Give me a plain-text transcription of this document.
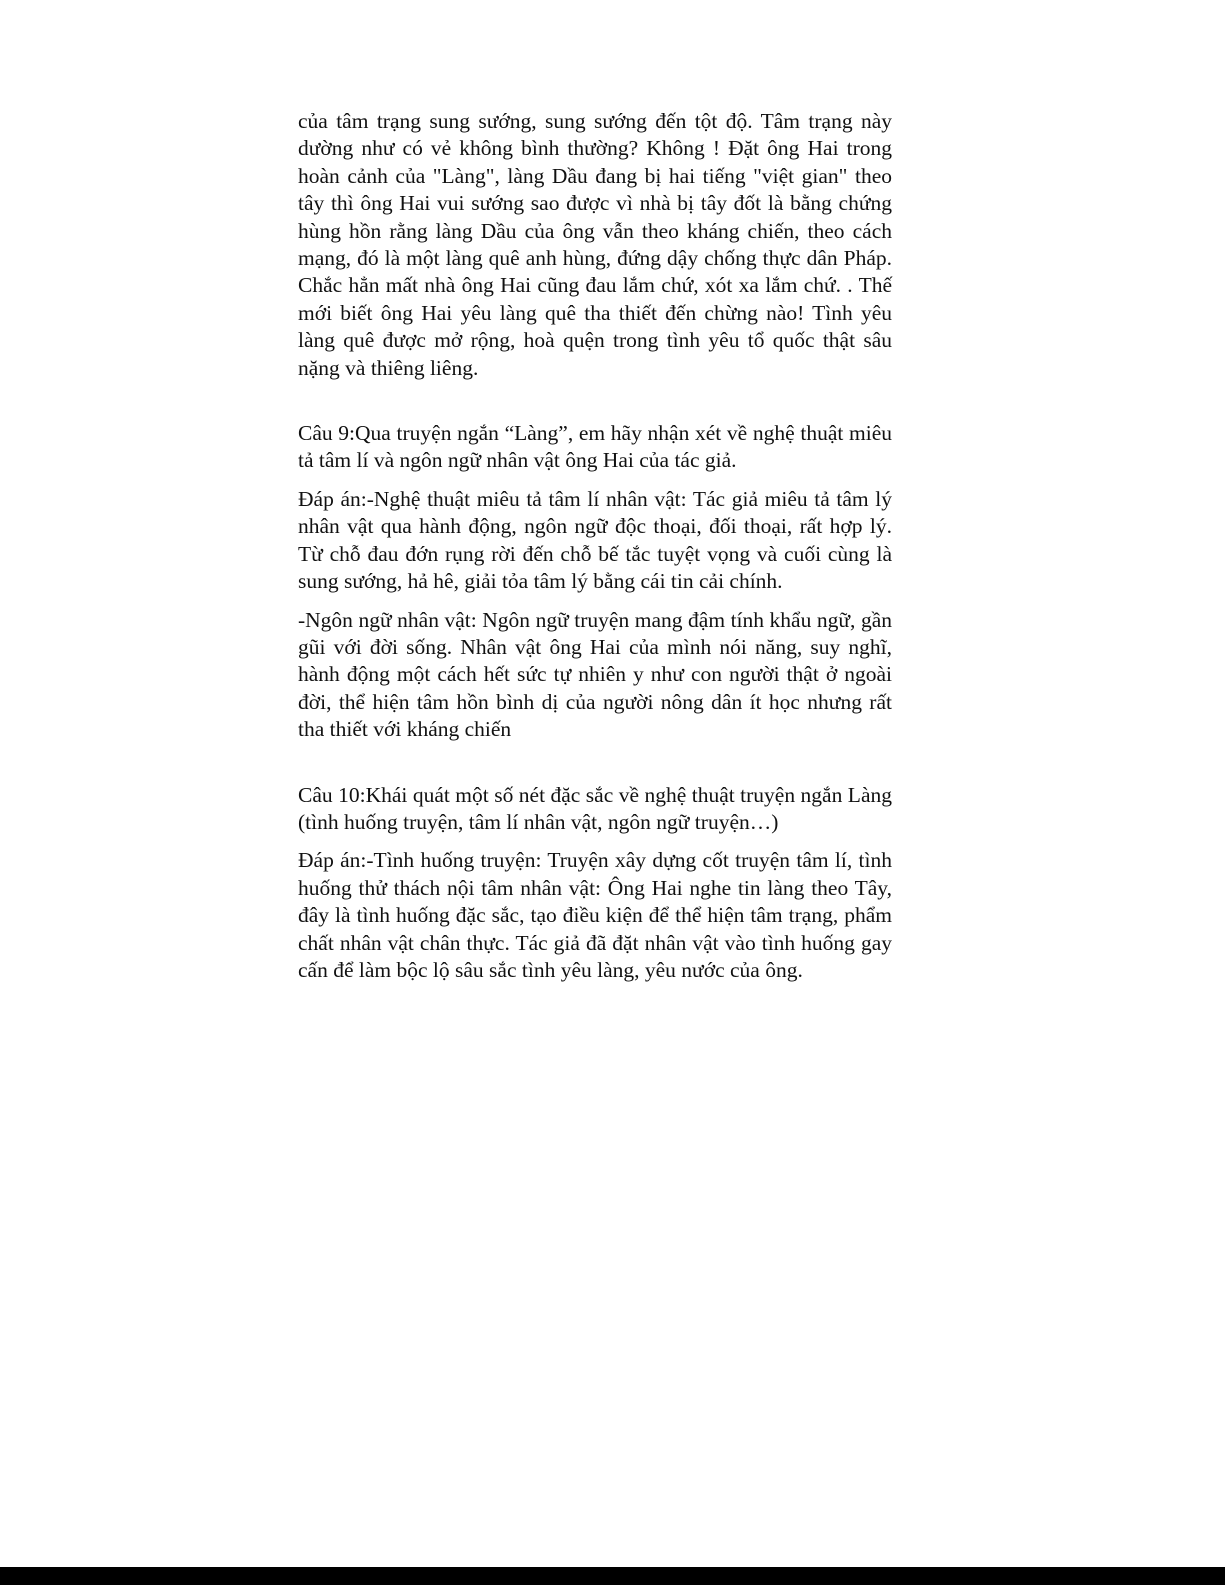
của tâm trạng sung sướng, sung sướng đến tột độ. Tâm trạng này dường như có vẻ không bình thường? Không ! Đặt ông Hai trong hoàn cảnh của "Làng", làng Dầu đang bị hai tiếng "việt gian" theo tây thì ông Hai vui sướng sao được vì nhà bị tây đốt là bằng chứng hùng hồn rằng làng Dầu của ông vẫn theo kháng chiến, theo cách mạng, đó là một làng quê anh hùng, đứng dậy chống thực dân Pháp. Chắc hẳn mất nhà ông Hai cũng đau lắm chứ, xót xa lắm chứ. . Thế mới biết ông Hai yêu làng quê tha thiết đến chừng nào! Tình yêu làng quê được mở rộng, hoà quện trong tình yêu tổ quốc thật sâu nặng và thiêng liêng.

Câu 9:Qua truyện ngắn “Làng”, em hãy nhận xét về nghệ thuật miêu tả tâm lí và ngôn ngữ nhân vật ông Hai của tác giả.

Đáp án:-Nghệ thuật miêu tả tâm lí nhân vật: Tác giả miêu tả tâm lý nhân vật qua hành động, ngôn ngữ độc thoại, đối thoại, rất hợp lý. Từ chỗ đau đớn rụng rời đến chỗ bế tắc tuyệt vọng và cuối cùng là sung sướng, hả hê, giải tỏa tâm lý bằng cái tin cải chính.

-Ngôn ngữ nhân vật: Ngôn ngữ truyện mang đậm tính khẩu ngữ, gần gũi với đời sống. Nhân vật ông Hai của mình nói năng, suy nghĩ, hành động một cách hết sức tự nhiên y như con người thật ở ngoài đời, thể hiện tâm hồn bình dị của người nông dân ít học nhưng rất tha thiết với kháng chiến

Câu 10:Khái quát một số nét đặc sắc về nghệ thuật truyện ngắn Làng (tình huống truyện, tâm lí nhân vật, ngôn ngữ truyện…)

Đáp án:-Tình huống truyện: Truyện xây dựng cốt truyện tâm lí, tình huống thử thách nội tâm nhân vật: Ông Hai nghe tin làng theo Tây, đây là tình huống đặc sắc, tạo điều kiện để thể hiện tâm trạng, phẩm chất nhân vật chân thực. Tác giả đã đặt nhân vật vào tình huống gay cấn để làm bộc lộ sâu sắc tình yêu làng, yêu nước của ông.
